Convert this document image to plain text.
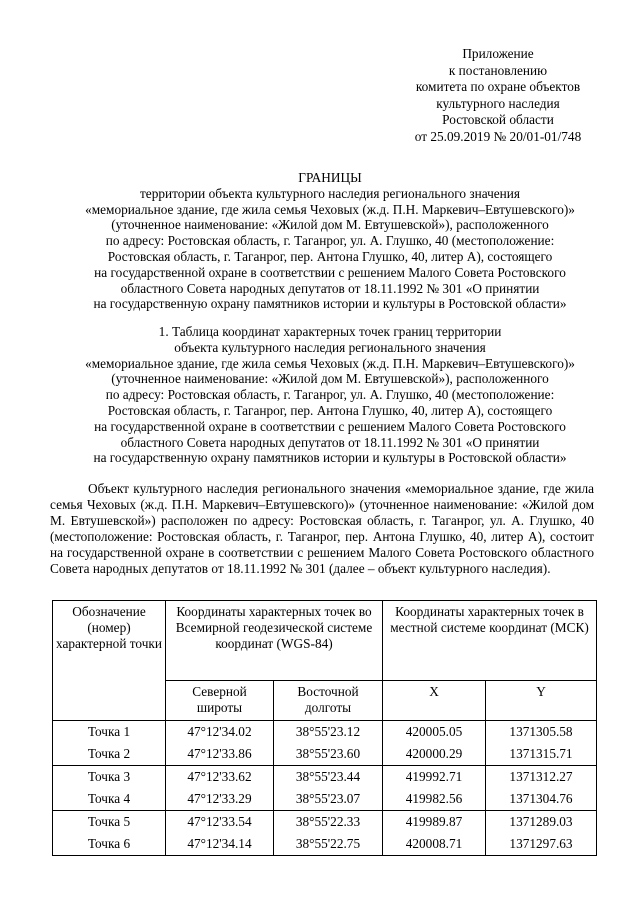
Приложение
к постановлению
комитета по охране объектов
культурного наследия
Ростовской области
от 25.09.2019 № 20/01-01/748
ГРАНИЦЫ
территории объекта культурного наследия регионального значения
«мемориальное здание, где жила семья Чеховых (ж.д. П.Н. Маркевич–Евтушевского)»
(уточненное наименование: «Жилой дом М. Евтушевской»), расположенного
по адресу: Ростовская область, г. Таганрог, ул. А. Глушко, 40 (местоположение:
Ростовская область, г. Таганрог, пер. Антона Глушко, 40, литер А), состоящего
на государственной охране в соответствии с решением Малого Совета Ростовского
областного Совета народных депутатов от 18.11.1992 № 301 «О принятии
на государственную охрану памятников истории и культуры в Ростовской области»
1. Таблица координат характерных точек границ территории
объекта культурного наследия регионального значения
«мемориальное здание, где жила семья Чеховых (ж.д. П.Н. Маркевич–Евтушевского)»
(уточненное наименование: «Жилой дом М. Евтушевской»), расположенного
по адресу: Ростовская область, г. Таганрог, ул. А. Глушко, 40 (местоположение:
Ростовская область, г. Таганрог, пер. Антона Глушко, 40, литер А), состоящего
на государственной охране в соответствии с решением Малого Совета Ростовского
областного Совета народных депутатов от 18.11.1992 № 301 «О принятии
на государственную охрану памятников истории и культуры в Ростовской области»
Объект культурного наследия регионального значения «мемориальное здание, где жила семья Чеховых (ж.д. П.Н. Маркевич–Евтушевского)» (уточненное наименование: «Жилой дом М. Евтушевской») расположен по адресу: Ростовская область, г. Таганрог, ул. А. Глушко, 40 (местоположение: Ростовская область, г. Таганрог, пер. Антона Глушко, 40, литер А), состоит на государственной охране в соответствии с решением Малого Совета Ростовского областного Совета народных депутатов от 18.11.1992 № 301 (далее – объект культурного наследия).
Обозначение (номер) характерной точки	Координаты характерных точек во Всемирной геодезической системе координат (WGS-84)		Координаты характерных точек в местной системе координат (МСК)	
	Северной широты	Восточной долготы	X	Y
Точка 1	47°12'34.02	38°55'23.12	420005.05	1371305.58
Точка 2	47°12'33.86	38°55'23.60	420000.29	1371315.71
Точка 3	47°12'33.62	38°55'23.44	419992.71	1371312.27
Точка 4	47°12'33.29	38°55'23.07	419982.56	1371304.76
Точка 5	47°12'33.54	38°55'22.33	419989.87	1371289.03
Точка 6	47°12'34.14	38°55'22.75	420008.71	1371297.63
